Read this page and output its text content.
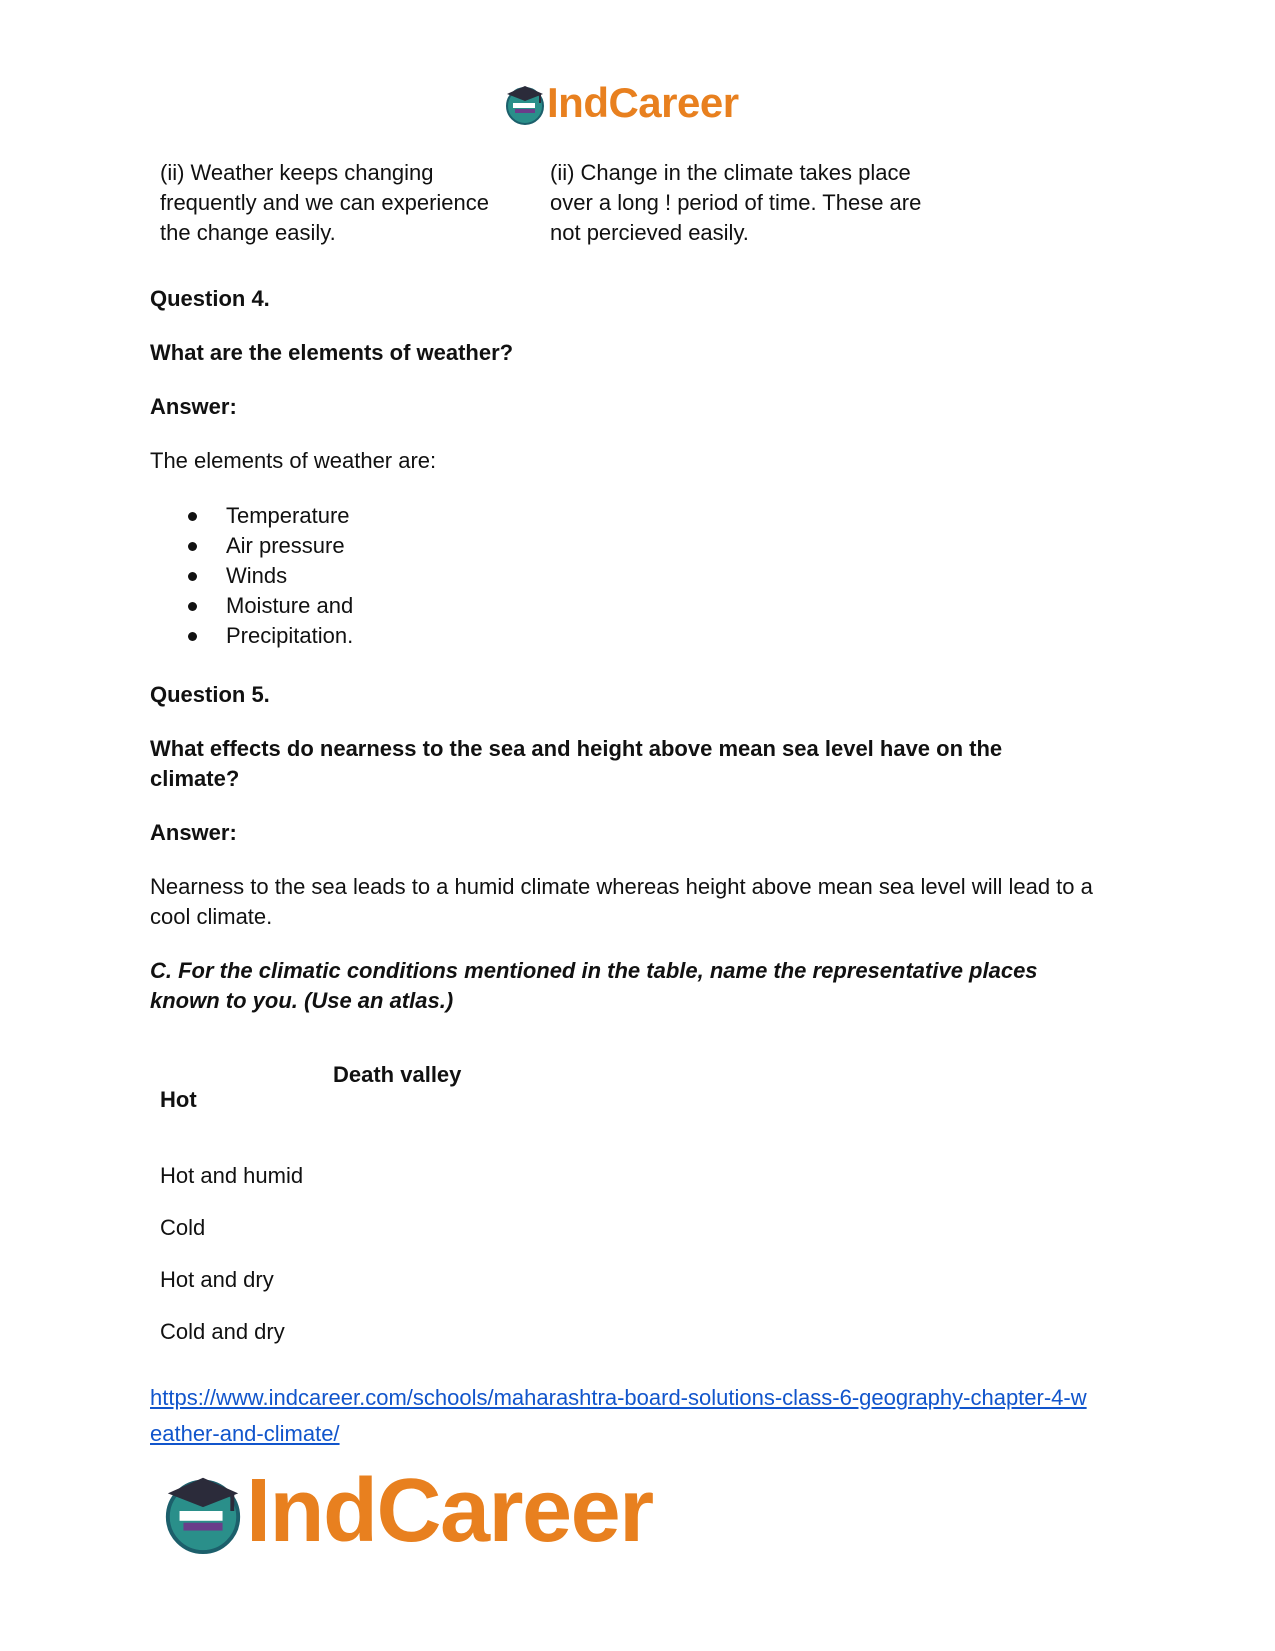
IndCareer
(ii) Weather keeps changing frequently and we can experience the change easily.
(ii) Change in the climate takes place over a long ! period of time. These are not percieved easily.
Question 4.
What are the elements of weather?
Answer:
The elements of weather are:
Temperature
Air pressure
Winds
Moisture and
Precipitation.
Question 5.
What effects do nearness to the sea and height above mean sea level have on the climate?
Answer:
Nearness to the sea leads to a humid climate whereas height above mean sea level will lead to a cool climate.
C. For the climatic conditions mentioned in the table, name the representative places known to you. (Use an atlas.)
Death valley
Hot
Hot and humid
Cold
Hot and dry
Cold and dry
https://www.indcareer.com/schools/maharashtra-board-solutions-class-6-geography-chapter-4-w
eather-and-climate/
IndCareer
